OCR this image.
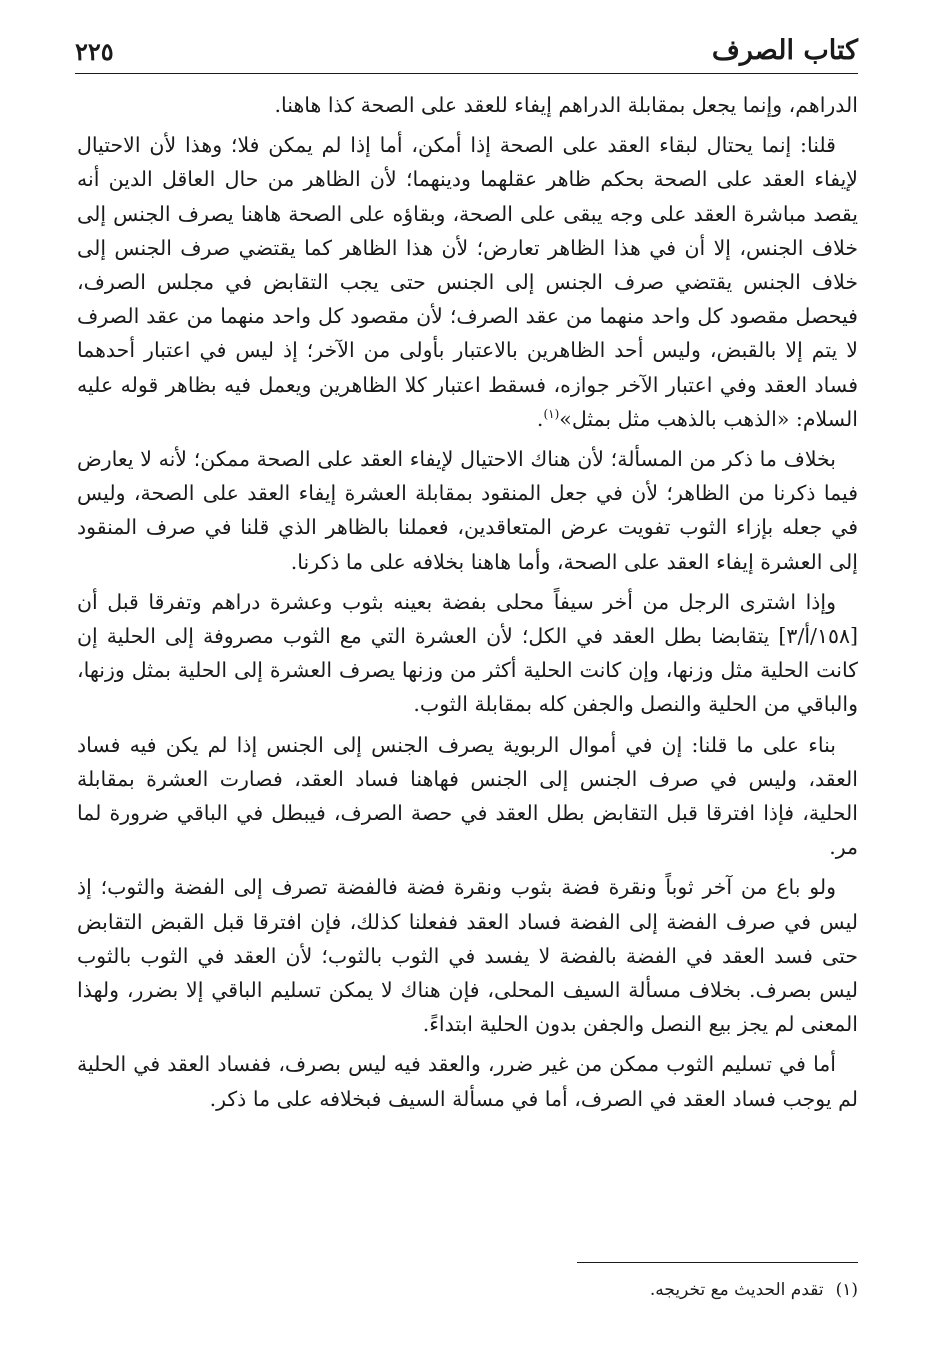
كتاب الصرف
٢٢٥

الدراهم، وإنما يجعل بمقابلة الدراهم إيفاء للعقد على الصحة كذا هاهنا.

قلنا: إنما يحتال لبقاء العقد على الصحة إذا أمكن، أما إذا لم يمكن فلا؛ وهذا لأن الاحتيال لإيفاء العقد على الصحة بحكم ظاهر عقلهما ودينهما؛ لأن الظاهر من حال العاقل الدين أنه يقصد مباشرة العقد على وجه يبقى على الصحة، وبقاؤه على الصحة هاهنا يصرف الجنس إلى خلاف الجنس، إلا أن في هذا الظاهر تعارض؛ لأن هذا الظاهر كما يقتضي صرف الجنس إلى خلاف الجنس يقتضي صرف الجنس إلى الجنس حتى يجب التقابض في مجلس الصرف، فيحصل مقصود كل واحد منهما من عقد الصرف؛ لأن مقصود كل واحد منهما من عقد الصرف لا يتم إلا بالقبض، وليس أحد الظاهرين بالاعتبار بأولى من الآخر؛ إذ ليس في اعتبار أحدهما فساد العقد وفي اعتبار الآخر جوازه، فسقط اعتبار كلا الظاهرين ويعمل فيه بظاهر قوله عليه السلام: «الذهب بالذهب مثل بمثل»$^{(١)}$.

بخلاف ما ذكر من المسألة؛ لأن هناك الاحتيال لإيفاء العقد على الصحة ممكن؛ لأنه لا يعارض فيما ذكرنا من الظاهر؛ لأن في جعل المنقود بمقابلة العشرة إيفاء العقد على الصحة، وليس في جعله بإزاء الثوب تفويت عرض المتعاقدين، فعملنا بالظاهر الذي قلنا في صرف المنقود إلى العشرة إيفاء العقد على الصحة، وأما هاهنا بخلافه على ما ذكرنا.

وإذا اشترى الرجل من أخر سيفاً محلى بفضة بعينه بثوب وعشرة دراهم وتفرقا قبل أن [١٥٨/أ/٣] يتقابضا بطل العقد في الكل؛ لأن العشرة التي مع الثوب مصروفة إلى الحلية إن كانت الحلية مثل وزنها، وإن كانت الحلية أكثر من وزنها يصرف العشرة إلى الحلية بمثل وزنها، والباقي من الحلية والنصل والجفن كله بمقابلة الثوب.

بناء على ما قلنا: إن في أموال الربوية يصرف الجنس إلى الجنس إذا لم يكن فيه فساد العقد، وليس في صرف الجنس إلى الجنس فهاهنا فساد العقد، فصارت العشرة بمقابلة الحلية، فإذا افترقا قبل التقابض بطل العقد في حصة الصرف، فيبطل في الباقي ضرورة لما مر.

ولو باع من آخر ثوباً ونقرة فضة بثوب ونقرة فضة فالفضة تصرف إلى الفضة والثوب؛ إذ ليس في صرف الفضة إلى الفضة فساد العقد ففعلنا كذلك، فإن افترقا قبل القبض التقابض حتى فسد العقد في الفضة بالفضة لا يفسد في الثوب بالثوب؛ لأن العقد في الثوب بالثوب ليس بصرف. بخلاف مسألة السيف المحلى، فإن هناك لا يمكن تسليم الباقي إلا بضرر، ولهذا المعنى لم يجز بيع النصل والجفن بدون الحلية ابتداءً.

أما في تسليم الثوب ممكن من غير ضرر، والعقد فيه ليس بصرف، ففساد العقد في الحلية لم يوجب فساد العقد في الصرف، أما في مسألة السيف فبخلافه على ما ذكر.

(١)تقدم الحديث مع تخريجه.
